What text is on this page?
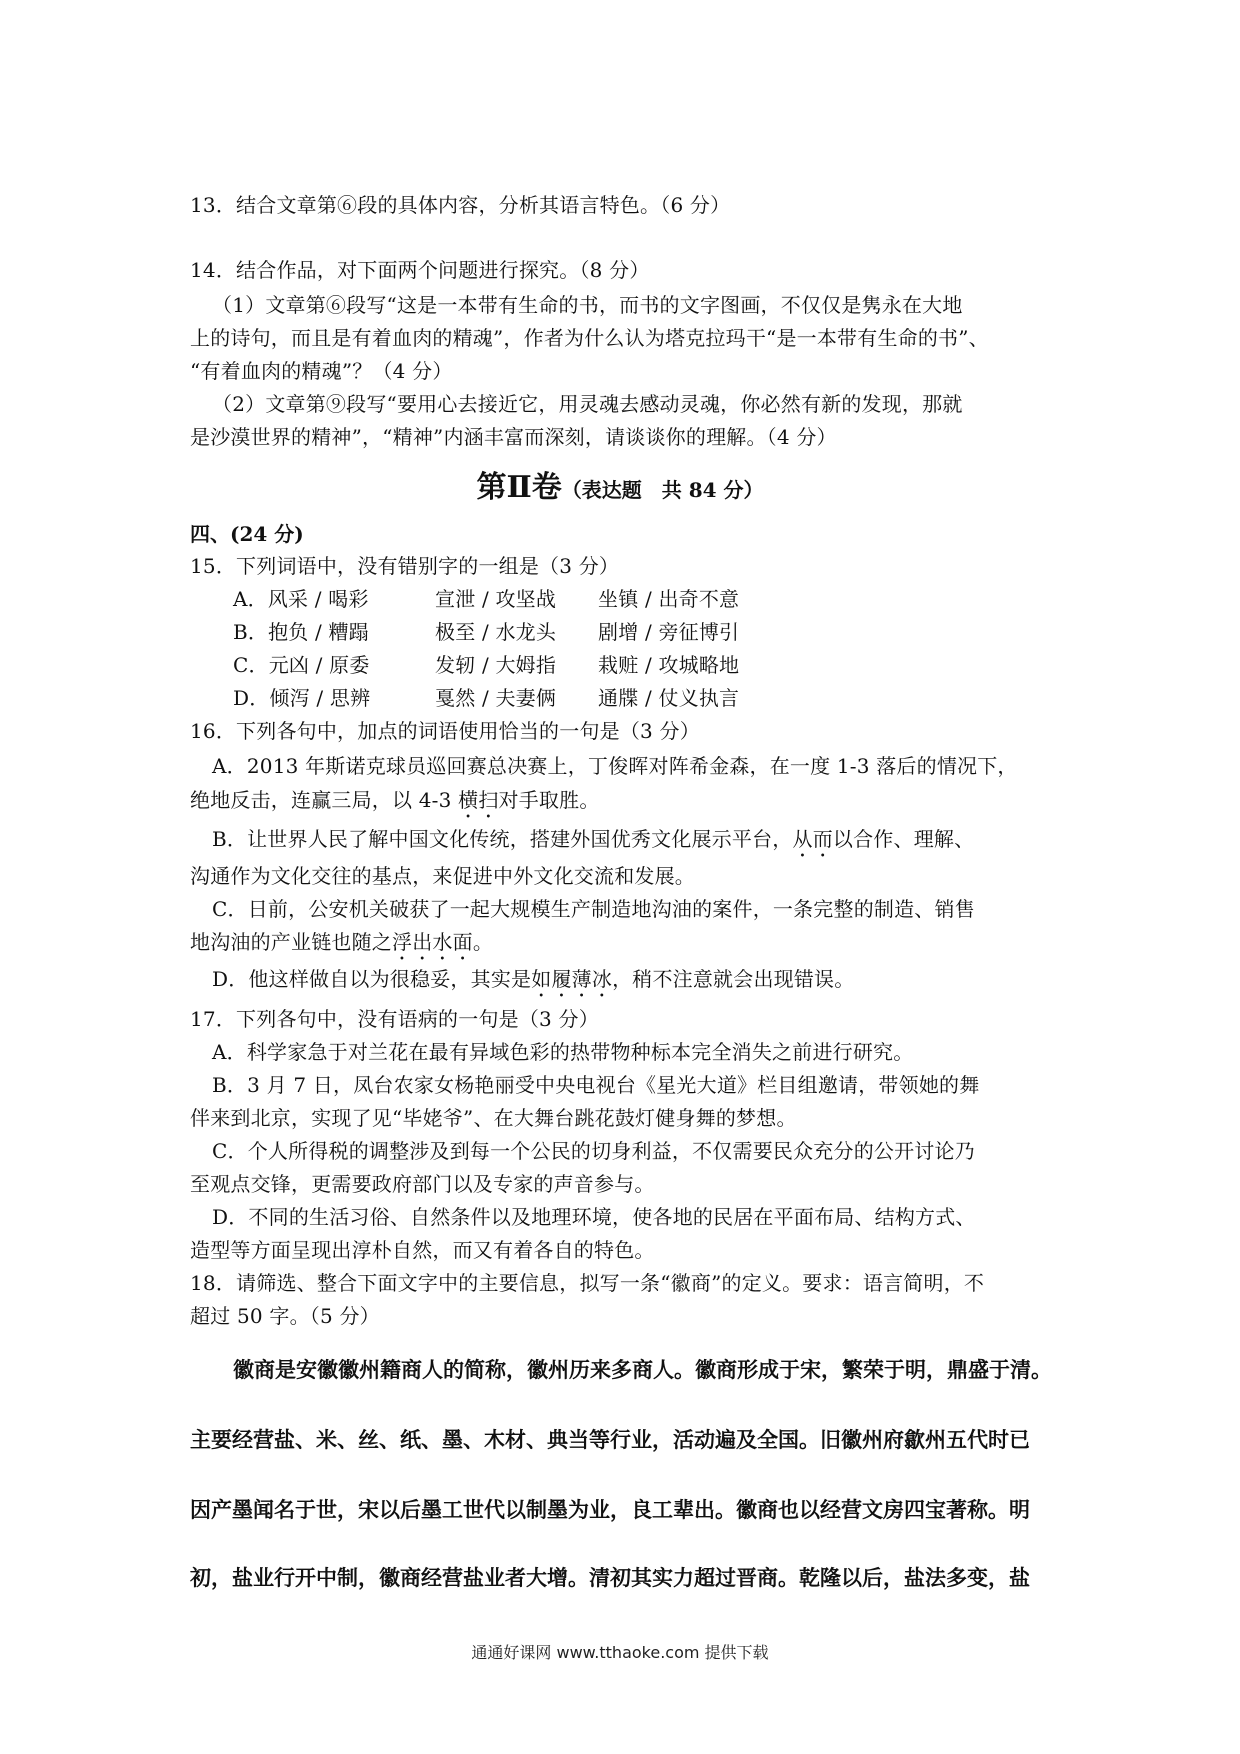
13．结合文章第⑥段的具体内容，分析其语言特色。（6 分）
14．结合作品，对下面两个问题进行探究。（8 分）
（1）文章第⑥段写“这是一本带有生命的书，而书的文字图画，不仅仅是隽永在大地
上的诗句，而且是有着血肉的精魂”，作者为什么认为塔克拉玛干“是一本带有生命的书”、
“有着血肉的精魂”？（4 分）
（2）文章第⑨段写“要用心去接近它，用灵魂去感动灵魂，你必然有新的发现，那就
是沙漠世界的精神”，“精神”内涵丰富而深刻，请谈谈你的理解。（4 分）
第Ⅱ卷（表达题　共 84 分）
四、(24 分)
15．下列词语中，没有错别字的一组是（3 分）
A．风采 / 喝彩	宣泄 / 攻坚战 坐镇 / 出奇不意
B．抱负 / 糟蹋	极至 / 水龙头 剧增 / 旁征博引
C．元凶 / 原委	发轫 / 大姆指 栽赃 / 攻城略地
D．倾泻 / 思辨	戛然 / 夫妻俩 通牒 / 仗义执言
16．下列各句中，加点的词语使用恰当的一句是（3 分）
A．2013 年斯诺克球员巡回赛总决赛上，丁俊晖对阵希金森，在一度 1-3 落后的情况下，
绝地反击，连赢三局，以 4-3 横扫对手取胜。
B．让世界人民了解中国文化传统，搭建外国优秀文化展示平台，从而以合作、理解、
沟通作为文化交往的基点，来促进中外文化交流和发展。
C．日前，公安机关破获了一起大规模生产制造地沟油的案件，一条完整的制造、销售
地沟油的产业链也随之浮出水面。
D．他这样做自以为很稳妥，其实是如履薄冰，稍不注意就会出现错误。
17．下列各句中，没有语病的一句是（3 分）
A．科学家急于对兰花在最有异域色彩的热带物种标本完全消失之前进行研究。
B．3 月 7 日，凤台农家女杨艳丽受中央电视台《星光大道》栏目组邀请，带领她的舞
伴来到北京，实现了见“毕姥爷”、在大舞台跳花鼓灯健身舞的梦想。
C．个人所得税的调整涉及到每一个公民的切身利益，不仅需要民众充分的公开讨论乃
至观点交锋，更需要政府部门以及专家的声音参与。
D．不同的生活习俗、自然条件以及地理环境，使各地的民居在平面布局、结构方式、
造型等方面呈现出淳朴自然，而又有着各自的特色。
18．请筛选、整合下面文字中的主要信息，拟写一条“徽商”的定义。要求：语言简明，不
超过 50 字。（5 分）
徽商是安徽徽州籍商人的简称，徽州历来多商人。徽商形成于宋，繁荣于明，鼎盛于清。
主要经营盐、米、丝、纸、墨、木材、典当等行业，活动遍及全国。旧徽州府歙州五代时已
因产墨闻名于世，宋以后墨工世代以制墨为业，良工辈出。徽商也以经营文房四宝著称。明
初，盐业行开中制，徽商经营盐业者大增。清初其实力超过晋商。乾隆以后，盐法多变，盐
通通好课网 www.tthaoke.com 提供下载
